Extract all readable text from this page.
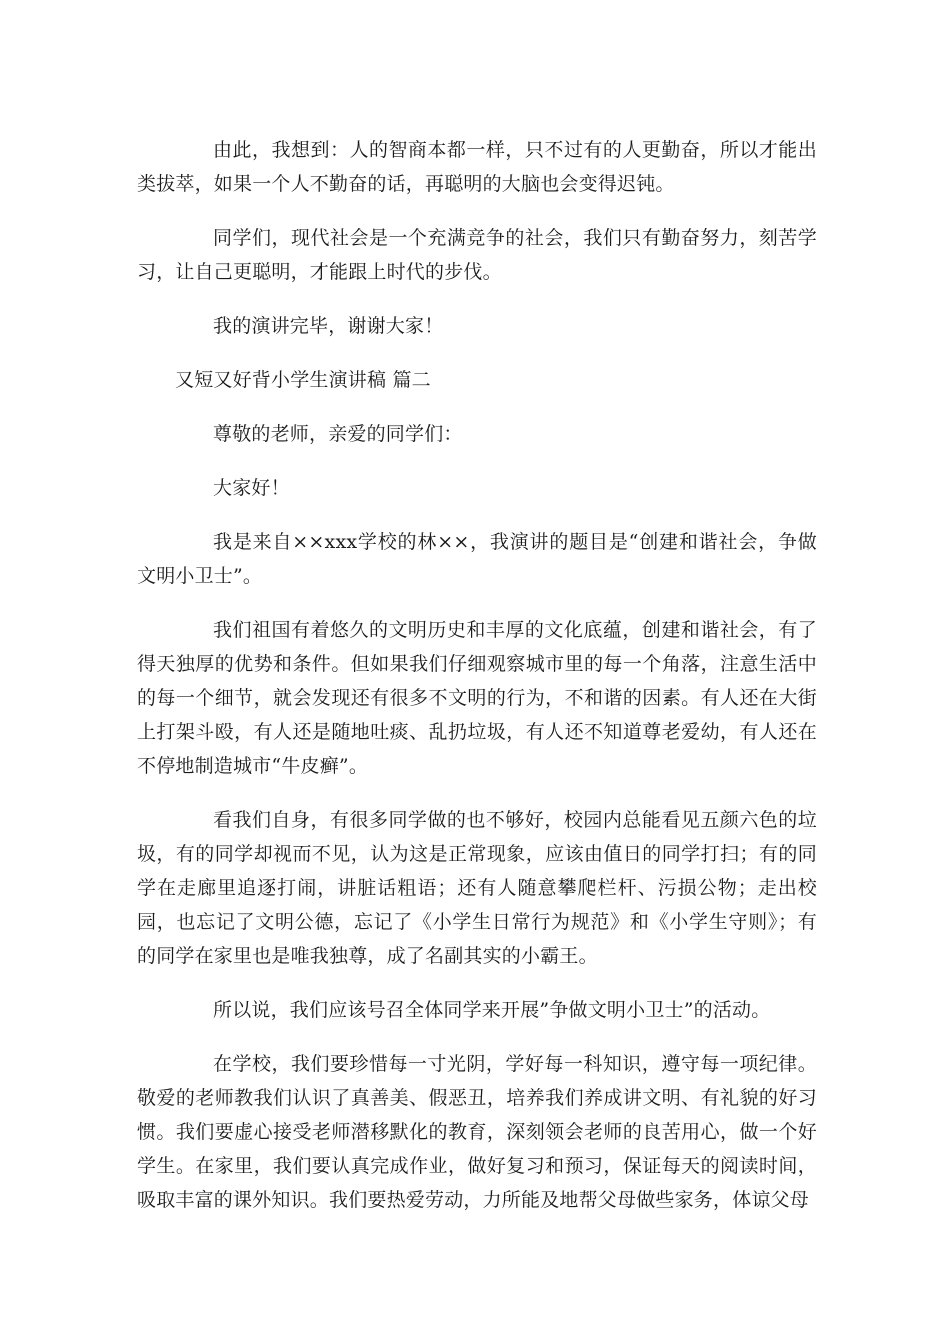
由此，我想到：人的智商本都一样，只不过有的人更勤奋，所以才能出类拔萃，如果一个人不勤奋的话，再聪明的大脑也会变得迟钝。

同学们，现代社会是一个充满竞争的社会，我们只有勤奋努力，刻苦学习，让自己更聪明，才能跟上时代的步伐。

我的演讲完毕，谢谢大家！

又短又好背小学生演讲稿 篇二

尊敬的老师，亲爱的同学们：

大家好！

我是来自××xxx学校的林××，我演讲的题目是“创建和谐社会，争做文明小卫士”。

我们祖国有着悠久的文明历史和丰厚的文化底蕴，创建和谐社会，有了得天独厚的优势和条件。但如果我们仔细观察城市里的每一个角落，注意生活中的每一个细节，就会发现还有很多不文明的行为，不和谐的因素。有人还在大街上打架斗殴，有人还是随地吐痰、乱扔垃圾，有人还不知道尊老爱幼，有人还在不停地制造城市“牛皮癣”。

看我们自身，有很多同学做的也不够好，校园内总能看见五颜六色的垃圾，有的同学却视而不见，认为这是正常现象，应该由值日的同学打扫；有的同学在走廊里追逐打闹，讲脏话粗语；还有人随意攀爬栏杆、污损公物；走出校园，也忘记了文明公德，忘记了《小学生日常行为规范》和《小学生守则》；有的同学在家里也是唯我独尊，成了名副其实的小霸王。

所以说，我们应该号召全体同学来开展”争做文明小卫士”的活动。

在学校，我们要珍惜每一寸光阴，学好每一科知识，遵守每一项纪律。敬爱的老师教我们认识了真善美、假恶丑，培养我们养成讲文明、有礼貌的好习惯。我们要虚心接受老师潜移默化的教育，深刻领会老师的良苦用心，做一个好学生。在家里，我们要认真完成作业，做好复习和预习，保证每天的阅读时间，吸取丰富的课外知识。我们要热爱劳动，力所能及地帮父母做些家务，体谅父母
